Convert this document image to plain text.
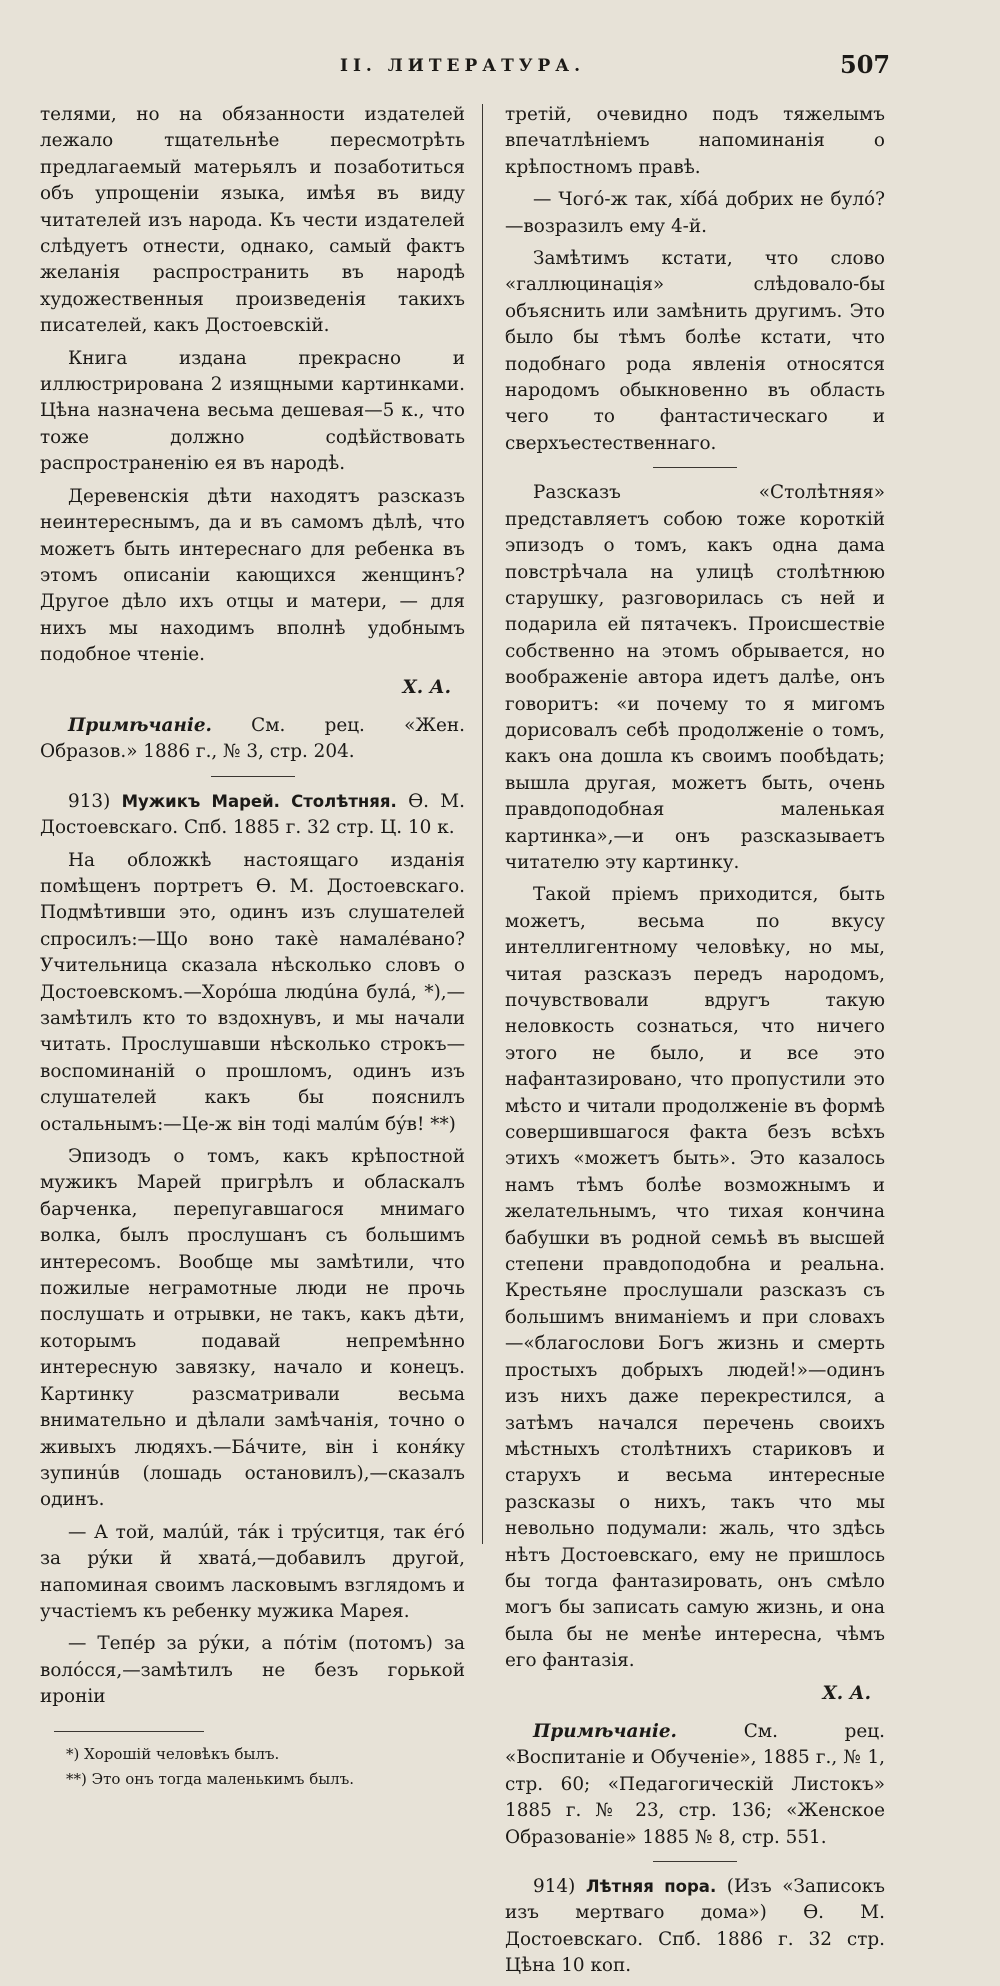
II. ЛИТЕРАТУРА.	507

телями, но на обязанности издателей лежало тщательнѣе пересмотрѣть предлагаемый матерьялъ и позаботиться объ упрощеніи языка, имѣя въ виду читателей изъ народа. Къ чести издателей слѣдуетъ отнести, однако, самый фактъ желанія распространить въ народѣ художественныя произведенія такихъ писателей, какъ Достоевскій.

Книга издана прекрасно и иллюстрирована 2 изящными картинками. Цѣна назначена весьма дешевая—5 к., что тоже должно содѣйствовать распространенію ея въ народѣ.

Деревенскія дѣти находятъ разсказъ неинтереснымъ, да и въ самомъ дѣлѣ, что можетъ быть интереснаго для ребенка въ этомъ описаніи кающихся женщинъ? Другое дѣло ихъ отцы и матери, — для нихъ мы находимъ вполнѣ удобнымъ подобное чтеніе.

Х. А.

Примѣчаніе. См. рец. «Жен. Образов.» 1886 г., № 3, стр. 204.

913) Мужикъ Марей. Столѣтняя. Ѳ. М. Достоевскаго. Спб. 1885 г. 32 стр. Ц. 10 к.

На обложкѣ настоящаго изданія помѣщенъ портретъ Ѳ. М. Достоевскаго. Подмѣтивши это, одинъ изъ слушателей спросилъ:—Що воно такѐ намалéвано? Учительница сказала нѣсколько словъ о Достоевскомъ.—Хорóша людúна булá, *),—замѣтилъ кто то вздохнувъ, и мы начали читать. Прослушавши нѣсколько строкъ—воспоминаній о прошломъ, одинъ изъ слушателей какъ бы пояснилъ остальнымъ:—Це-ж він тоді малúм бýв! **)

Эпизодъ о томъ, какъ крѣпостной мужикъ Марей пригрѣлъ и обласкалъ барченка, перепугавшагося мнимаго волка, былъ прослушанъ съ большимъ интересомъ. Вообще мы замѣтили, что пожилые неграмотные люди не прочь послушать и отрывки, не такъ, какъ дѣти, которымъ подавай непремѣнно интересную завязку, начало и конецъ. Картинку разсматривали весьма внимательно и дѣлали замѣчанія, точно о живыхъ людяхъ.—Бáчите, він і коня́ку зупинúв (лошадь остановилъ),—сказалъ одинъ.

— А той, малúй, тáк і трýситця, так éгó за рýки й хвата́,—добавилъ другой, напоминая своимъ ласковымъ взглядомъ и участіемъ къ ребенку мужика Марея.

— Тепéр за рýки, а пóтім (потомъ) за волóсся,—замѣтилъ не безъ горькой ироніи

*) Хорошій человѣкъ былъ.
**) Это онъ тогда маленькимъ былъ.

третій, очевидно подъ тяжелымъ впечатлѣніемъ напоминанія о крѣпостномъ правѣ.

— Чогó-ж так, хíбá добрих не булó?—возразилъ ему 4-й.

Замѣтимъ кстати, что слово «галлюцинація» слѣдовало-бы объяснить или замѣнить другимъ. Это было бы тѣмъ болѣе кстати, что подобнаго рода явленія относятся народомъ обыкновенно въ область чего то фантастическаго и сверхъестественнаго.

Разсказъ «Столѣтняя» представляетъ собою тоже короткій эпизодъ о томъ, какъ одна дама повстрѣчала на улицѣ столѣтнюю старушку, разговорилась съ ней и подарила ей пятачекъ. Происшествіе собственно на этомъ обрывается, но воображеніе автора идетъ далѣе, онъ говоритъ: «и почему то я мигомъ дорисовалъ себѣ продолженіе о томъ, какъ она дошла къ своимъ пообѣдать; вышла другая, можетъ быть, очень правдоподобная маленькая картинка»,—и онъ разсказываетъ читателю эту картинку.

Такой пріемъ приходится, быть можетъ, весьма по вкусу интеллигентному человѣку, но мы, читая разсказъ передъ народомъ, почувствовали вдругъ такую неловкость сознаться, что ничего этого не было, и все это нафантазировано, что пропустили это мѣсто и читали продолженіе въ формѣ совершившагося факта безъ всѣхъ этихъ «можетъ быть». Это казалось намъ тѣмъ болѣе возможнымъ и желательнымъ, что тихая кончина бабушки въ родной семьѣ въ высшей степени правдоподобна и реальна. Крестьяне прослушали разсказъ съ большимъ вниманіемъ и при словахъ—«благослови Богъ жизнь и смерть простыхъ добрыхъ людей!»—одинъ изъ нихъ даже перекрестился, а затѣмъ начался перечень своихъ мѣстныхъ столѣтнихъ стариковъ и старухъ и весьма интересные разсказы о нихъ, такъ что мы невольно подумали: жаль, что здѣсь нѣтъ Достоевскаго, ему не пришлось бы тогда фантазировать, онъ смѣло могъ бы записать самую жизнь, и она была бы не менѣе интересна, чѣмъ его фантазія.

Х. А.

Примѣчаніе.	См. рец. «Воспитаніе и Обученіе», 1885 г., № 1, стр. 60; «Педагогическій Листокъ» 1885 г. № 23, стр. 136; «Женское Образованіе» 1885 № 8, стр. 551.

914) Лѣтняя пора. (Изъ «Записокъ изъ мертваго дома») Ѳ. М. Достоевскаго. Спб. 1886 г. 32 стр. Цѣна 10 коп.
